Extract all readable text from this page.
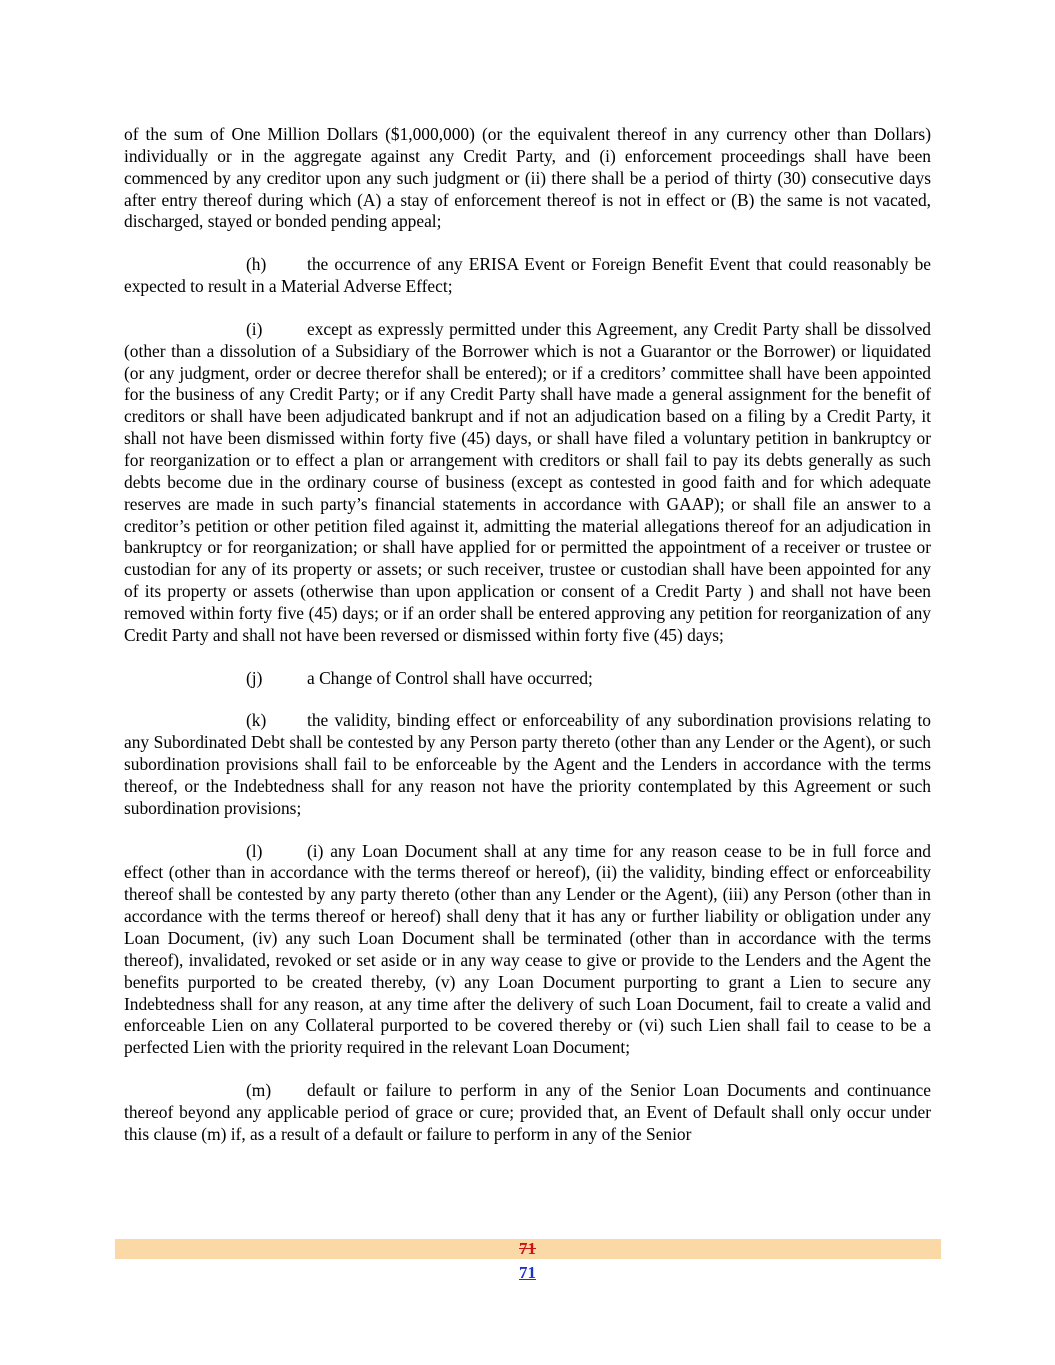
of the sum of One Million Dollars ($1,000,000) (or the equivalent thereof in any currency other than Dollars) individually or in the aggregate against any Credit Party, and (i) enforcement proceedings shall have been commenced by any creditor upon any such judgment or (ii) there shall be a period of thirty (30) consecutive days after entry thereof during which (A) a stay of enforcement thereof is not in effect or (B) the same is not vacated, discharged, stayed or bonded pending appeal;

(h) the occurrence of any ERISA Event or Foreign Benefit Event that could reasonably be expected to result in a Material Adverse Effect;

(i)	except as expressly permitted under this Agreement, any Credit Party shall be dissolved (other than a dissolution of a Subsidiary of the Borrower which is not a Guarantor or the Borrower) or liquidated (or any judgment, order or decree therefor shall be entered); or if a creditors’ committee shall have been appointed for the business of any Credit Party; or if any Credit Party shall have made a general assignment for the benefit of creditors or shall have been adjudicated bankrupt and if not an adjudication based on a filing by a Credit Party, it shall not have been dismissed within forty five (45) days, or shall have filed a voluntary petition in bankruptcy or for reorganization or to effect a plan or arrangement with creditors or shall fail to pay its debts generally as such debts become due in the ordinary course of business (except as contested in good faith and for which adequate reserves are made in such party’s financial statements in accordance with GAAP); or shall file an answer to a creditor’s petition or other petition filed against it, admitting the material allegations thereof for an adjudication in bankruptcy or for reorganization; or shall have applied for or permitted the appointment of a receiver or trustee or custodian for any of its property or assets; or such receiver, trustee or custodian shall have been appointed for any of its property or assets (otherwise than upon application or consent of a Credit Party ) and shall not have been removed within forty five (45) days; or if an order shall be entered approving any petition for reorganization of any Credit Party and shall not have been reversed or dismissed within forty five (45) days;

(j)	a Change of Control shall have occurred;

(k) the validity, binding effect or enforceability of any subordination provisions relating to any Subordinated Debt shall be contested by any Person party thereto (other than any Lender or the Agent), or such subordination provisions shall fail to be enforceable by the Agent and the Lenders in accordance with the terms thereof, or the Indebtedness shall for any reason not have the priority contemplated by this Agreement or such subordination provisions;

(l)	(i) any Loan Document shall at any time for any reason cease to be in full force and effect (other than in accordance with the terms thereof or hereof), (ii) the validity, binding effect or enforceability thereof shall be contested by any party thereto (other than any Lender or the Agent), (iii) any Person (other than in accordance with the terms thereof or hereof) shall deny that it has any or further liability or obligation under any Loan Document, (iv) any such Loan Document shall be terminated (other than in accordance with the terms thereof), invalidated, revoked or set aside or in any way cease to give or provide to the Lenders and the Agent the benefits purported to be created thereby, (v) any Loan Document purporting to grant a Lien to secure any Indebtedness shall for any reason, at any time after the delivery of such Loan Document, fail to create a valid and enforceable Lien on any Collateral purported to be covered thereby or (vi) such Lien shall fail to cease to be a perfected Lien with the priority required in the relevant Loan Document;

(m) default or failure to perform in any of the Senior Loan Documents and continuance thereof beyond any applicable period of grace or cure; provided that, an Event of Default shall only occur under this clause (m) if, as a result of a default or failure to perform in any of the Senior

71
71
